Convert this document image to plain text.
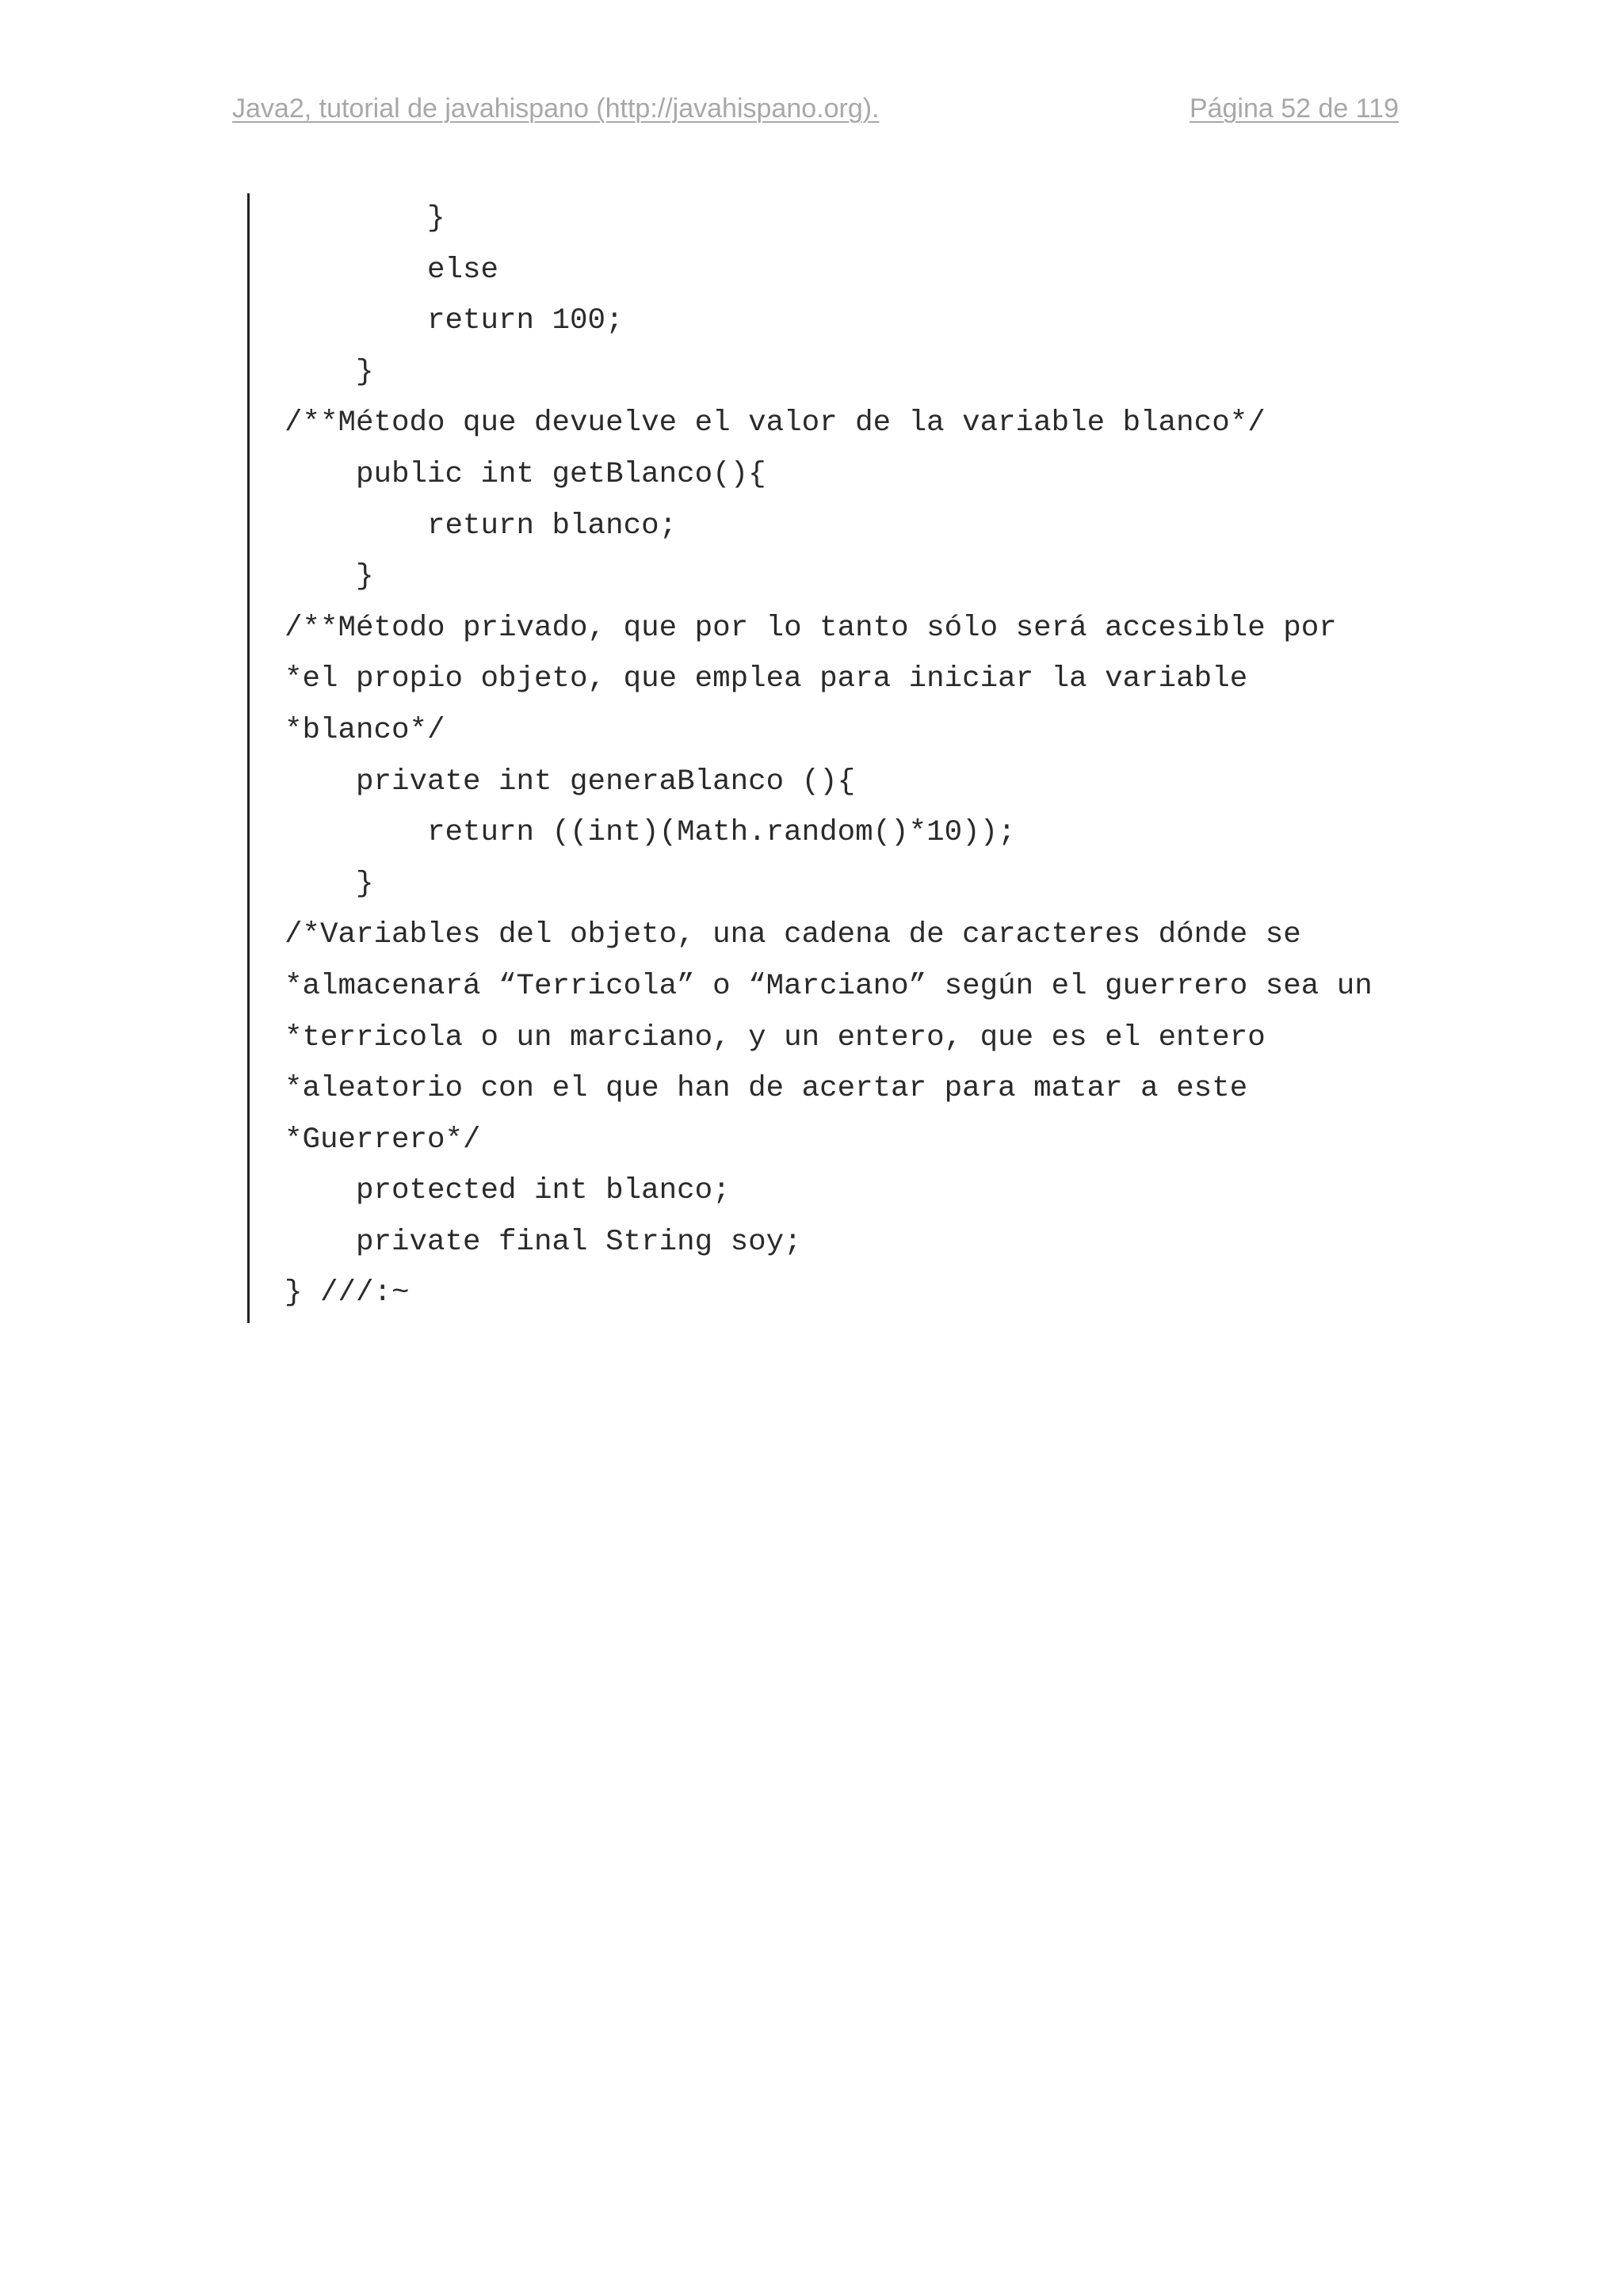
Java2, tutorial de javahispano (http://javahispano.org).	Página 52 de 119
}
else
return 100;
}
/**Método que devuelve el valor de la variable blanco*/
public int getBlanco(){
return blanco;
}
/**Método privado, que por lo tanto sólo será accesible por
*el propio objeto, que emplea para iniciar la variable
*blanco*/
private int generaBlanco (){
return ((int)(Math.random()*10));
}
/*Variables del objeto, una cadena de caracteres dónde se
*almacenará “Terricola” o “Marciano” según el guerrero sea un
*terricola o un marciano, y un entero, que es el entero
*aleatorio con el que han de acertar para matar a este
*Guerrero*/
protected int blanco;
private final String soy;
} ///:~
